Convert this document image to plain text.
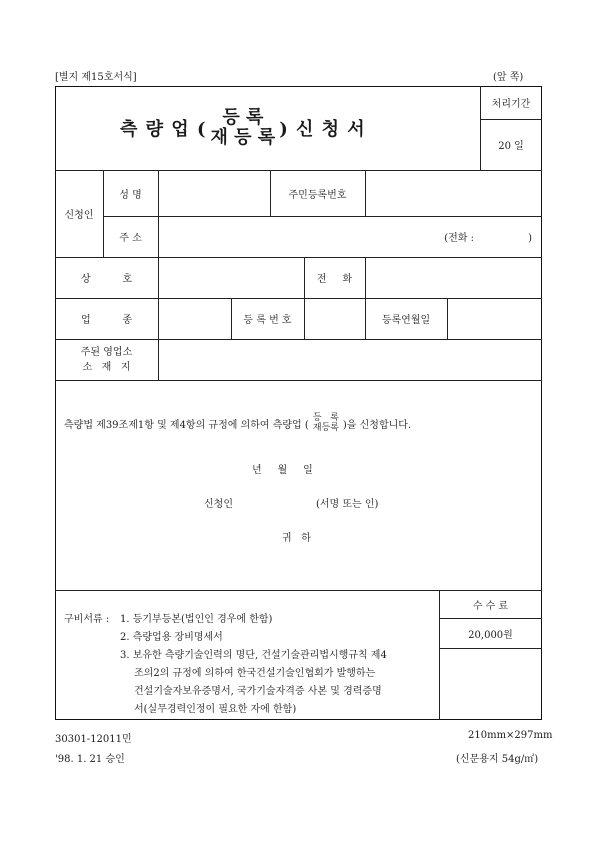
[별지 제15호서식]	(앞 쪽)
측 량 업 (
등 록
재 등 록 ) 신 청 서
처리기간
20 일
신청인
성 명	주민등록번호
주 소	(전화 :                 )
상          호	전     화
업          종	등 록 번 호	등록연월일
주된 영업소
소   재   지
측량법 제39조제1항 및 제4항의 규정에 의하여 측량업 (
등   록
재등록 )을 신청합니다.
년     월     일
신청인	(서명 또는 인)
귀   하
구비서류 : 1. 등기부등본(법인인 경우에 한함)
2. 측량업용 장비명세서
3. 보유한 측량기술인력의 명단, 건설기술관리법시행규칙 제4
조의2의 규정에 의하여 한국건설기술인협회가 발행하는
건설기술자보유증명서, 국가기술자격증 사본 및 경력증명
서(실무경력인정이 필요한 자에 한함)
수 수 료
20,000원
30301-12011민
'98. 1. 21 승인
210mm×297mm
(신문용지 54g/㎡)
